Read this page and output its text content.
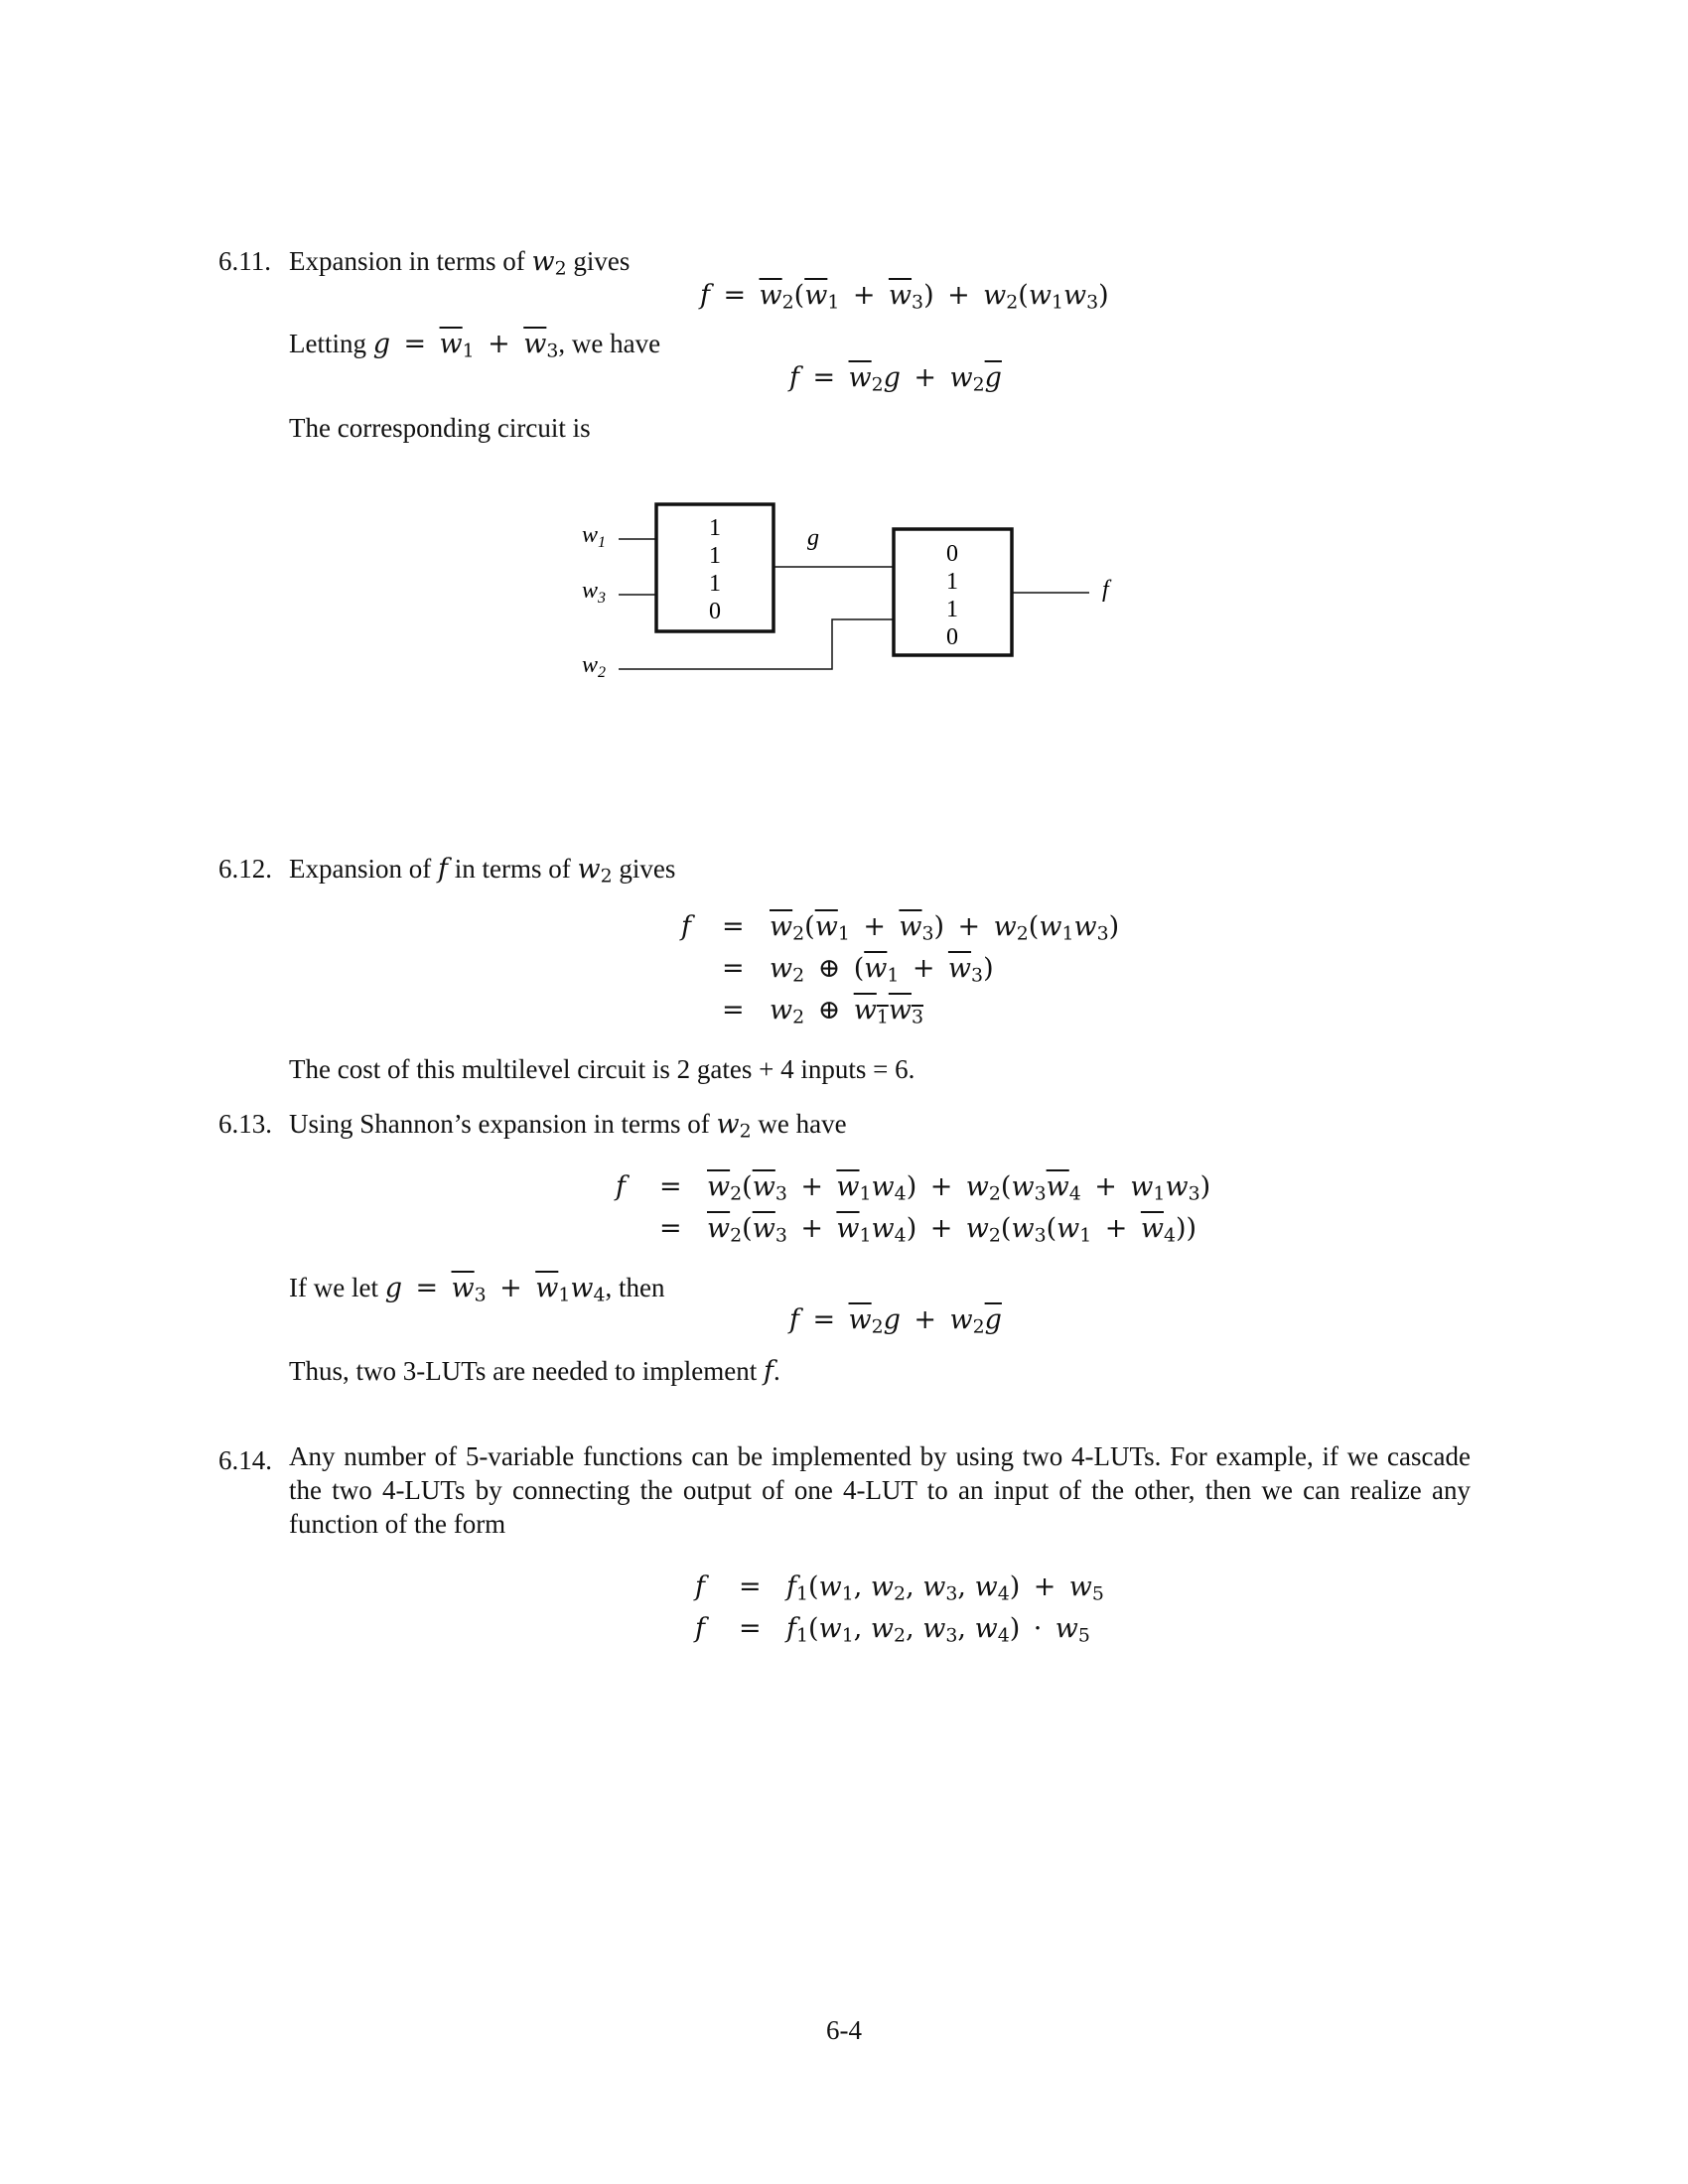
6.11. Expansion in terms of $w_2$ gives
$f = \overline{w}_2(\overline{w}_1 + \overline{w}_3) + w_2(w_1w_3)$
Letting $g = \overline{w}_1 + \overline{w}_3$, we have
$f = \overline{w}_2g + w_2\overline{g}$
The corresponding circuit is
$w_1$
$w_3$
$w_2$
1
1
1
0
0
1
1
0
g
f
6.12. Expansion of f in terms of $w_2$ gives
$f = \overline{w}_2(\overline{w}_1 + \overline{w}_3) + w_2(w_1w_3)$
= $w_2$ ⊕ $(\overline{w}_1 + \overline{w}_3)$
= $w_2$ ⊕ $w_1w_3$
The cost of this multilevel circuit is 2 gates + 4 inputs = 6.
6.13. Using Shannon’s expansion in terms of $w_2$ we have
$f = \overline{w}_2(\overline{w}_3 + \overline{w}_1w_4) + w_2(w_3\overline{w}_4 + w_1w_3)$
= $\overline{w}_2(\overline{w}_3 + \overline{w}_1w_4) + w_2(w_3(w_1 + \overline{w}_4))$
If we let $g = \overline{w}_3 + \overline{w}_1w_4$, then
$f = \overline{w}_2g + w_2\overline{g}$
Thus, two 3-LUTs are needed to implement f.
6.14. Any number of 5-variable functions can be implemented by using two 4-LUTs. For example, if we cascade the two 4-LUTs by connecting the output of one 4-LUT to an input of the other, then we can realize any function of the form
$f = f_1(w_1$, $w_2$, $w_3$, $w_4) + w_5$
$f = f_1(w_1$, $w_2$, $w_3$, $w_4) \cdot w_5$
6-4
